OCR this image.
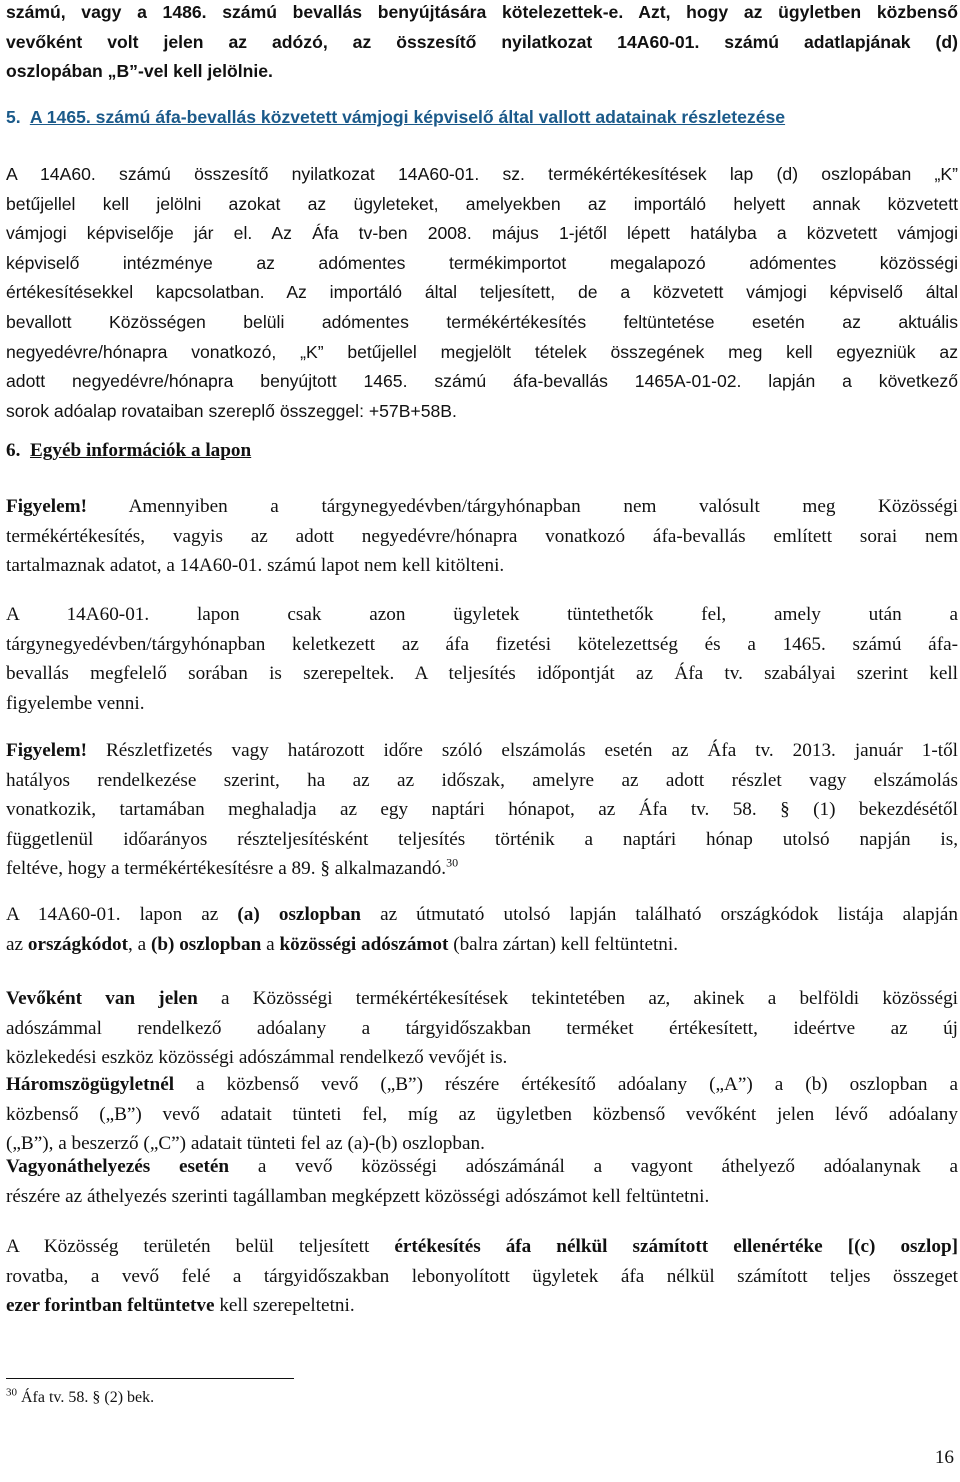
számú, vagy a 1486. számú bevallás benyújtására kötelezettek-e. Azt, hogy az ügyletben közbenső
vevőként volt jelen az adózó, az összesítő nyilatkozat 14A60-01. számú adatlapjának (d)
oszlopában „B”-vel kell jelölnie.

5. A 1465. számú áfa-bevallás közvetett vámjogi képviselő által vallott adatainak részletezése

A 14A60. számú összesítő nyilatkozat 14A60-01. sz. termékértékesítések lap (d) oszlopában „K”
betűjellel kell jelölni azokat az ügyleteket, amelyekben az importáló helyett annak közvetett
vámjogi képviselője jár el. Az Áfa tv-ben 2008. május 1-jétől lépett hatályba a közvetett vámjogi
képviselő intézménye az adómentes termékimportot megalapozó adómentes közösségi
értékesítésekkel kapcsolatban. Az importáló által teljesített, de a közvetett vámjogi képviselő által
bevallott Közösségen belüli adómentes termékértékesítés feltüntetése esetén az aktuális
negyedévre/hónapra vonatkozó, „K” betűjellel megjelölt tételek összegének meg kell egyezniük az
adott negyedévre/hónapra benyújtott 1465. számú áfa-bevallás 1465A-01-02. lapján a következő
sorok adóalap rovataiban szereplő összeggel: +57B+58B.

6. Egyéb információk a lapon

Figyelem! Amennyiben a tárgynegyedévben/tárgyhónapban nem valósult meg Közösségi
termékértékesítés, vagyis az adott negyedévre/hónapra vonatkozó áfa-bevallás említett sorai nem
tartalmaznak adatot, a 14A60-01. számú lapot nem kell kitölteni.

A 14A60-01. lapon csak azon ügyletek tüntethetők fel, amely után a
tárgynegyedévben/tárgyhónapban keletkezett az áfa fizetési kötelezettség és a 1465. számú áfa-
bevallás megfelelő sorában is szerepeltek. A teljesítés időpontját az Áfa tv. szabályai szerint kell
figyelembe venni.

Figyelem! Részletfizetés vagy határozott időre szóló elszámolás esetén az Áfa tv. 2013. január 1-től
hatályos rendelkezése szerint, ha az az időszak, amelyre az adott részlet vagy elszámolás
vonatkozik, tartamában meghaladja az egy naptári hónapot, az Áfa tv. 58. § (1) bekezdésétől
függetlenül időarányos részteljesítésként teljesítés történik a naptári hónap utolsó napján is,
feltéve, hogy a termékértékesítésre a 89. § alkalmazandó.$^{30}$

A 14A60-01. lapon az (a) oszlopban az útmutató utolsó lapján található országkódok listája alapján
az országkódot, a (b) oszlopban a közösségi adószámot (balra zártan) kell feltüntetni.

Vevőként van jelen a Közösségi termékértékesítések tekintetében az, akinek a belföldi közösségi
adószámmal rendelkező adóalany a tárgyidőszakban terméket értékesített, ideértve az új
közlekedési eszköz közösségi adószámmal rendelkező vevőjét is.

Háromszögügyletnél a közbenső vevő („B”) részére értékesítő adóalany („A”) a (b) oszlopban a
közbenső („B”) vevő adatait tünteti fel, míg az ügyletben közbenső vevőként jelen lévő adóalany
(„B”), a beszerző („C”) adatait tünteti fel az (a)-(b) oszlopban.

Vagyonáthelyezés esetén a vevő közösségi adószámánál a vagyont áthelyező adóalanynak a
részére az áthelyezés szerinti tagállamban megképzett közösségi adószámot kell feltüntetni.

A Közösség területén belül teljesített értékesítés áfa nélkül számított ellenértéke [(c) oszlop]
rovatba, a vevő felé a tárgyidőszakban lebonyolított ügyletek áfa nélkül számított teljes összeget
ezer forintban feltüntetve kell szerepeltetni.

$^{30}$ Áfa tv. 58. § (2) bek.
16
